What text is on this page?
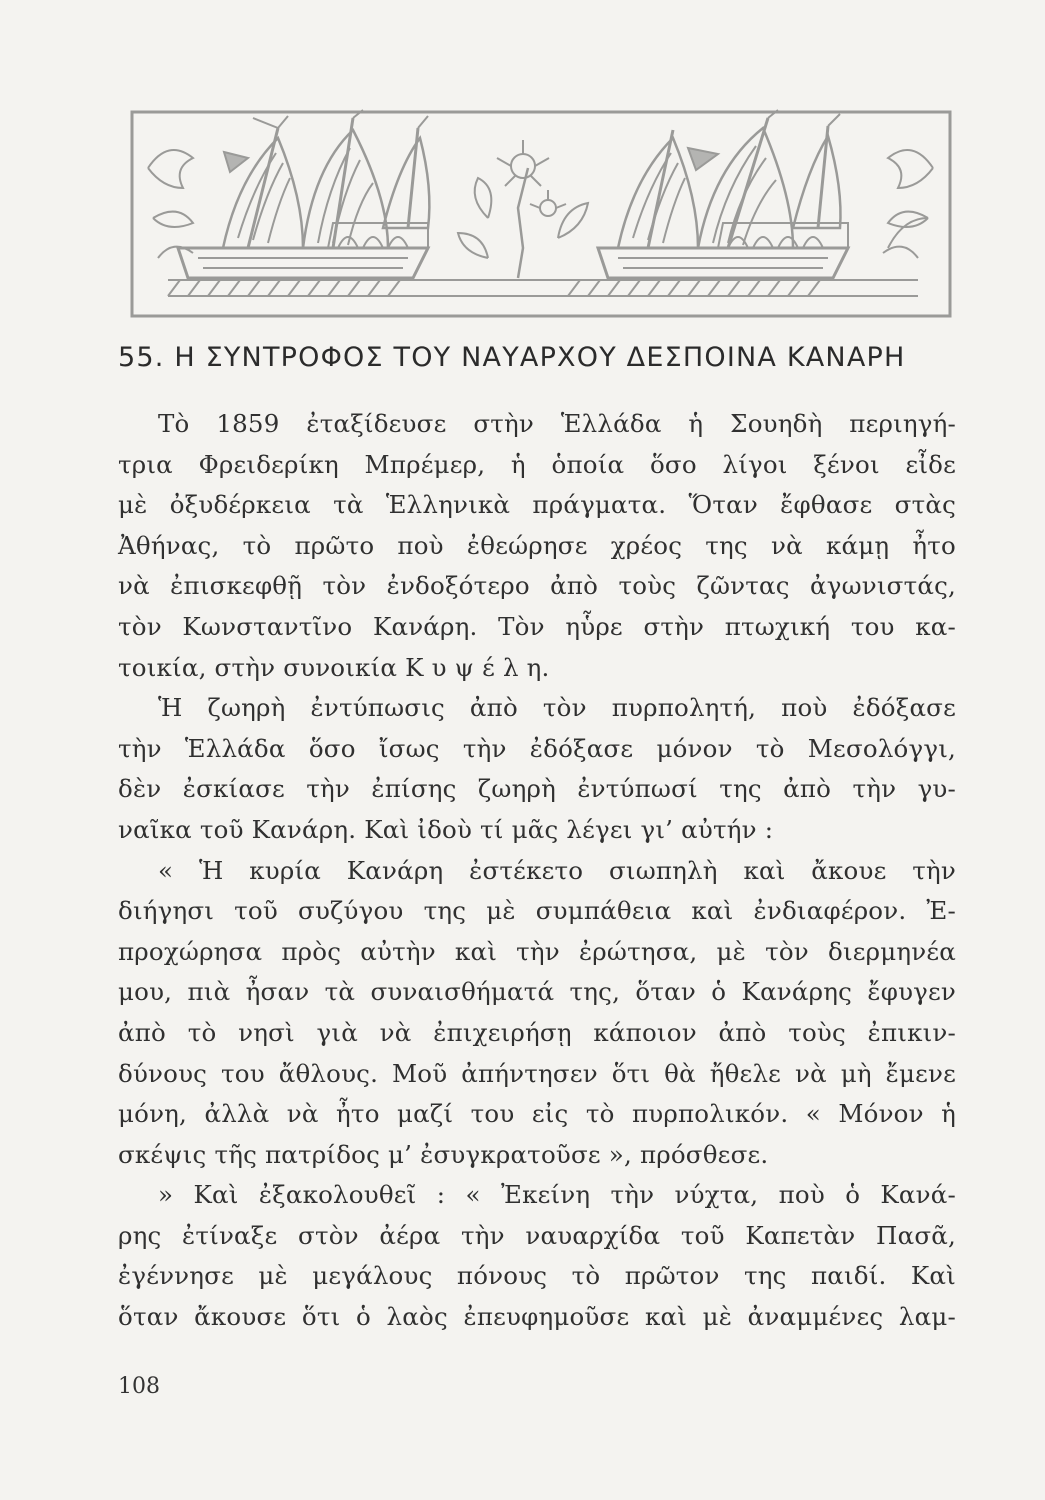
55. Η ΣΥΝΤΡΟΦΟΣ ΤΟΥ ΝΑΥΑΡΧΟΥ ΔΕΣΠΟΙΝΑ ΚΑΝΑΡΗ
Τὸ 1859 ἐταξίδευσε στὴν Ἑλλάδα ἡ Σουηδὴ περιηγή-
τρια Φρειδερίκη Μπρέμερ, ἡ ὁποία ὅσο λίγοι ξένοι εἶδε
μὲ ὀξυδέρκεια τὰ Ἑλληνικὰ πράγματα. Ὅταν ἔφθασε στὰς
Ἀθήνας, τὸ πρῶτο ποὺ ἐθεώρησε χρέος της νὰ κάμῃ ἦτο
νὰ ἐπισκεφθῇ τὸν ἐνδοξότερο ἀπὸ τοὺς ζῶντας ἀγωνιστάς,
τὸν Κωνσταντῖνο Κανάρη. Τὸν ηὗρε στὴν πτωχική του κα-
τοικία, στὴν συνοικία Κ υ ψ έ λ η.
Ἡ ζωηρὴ ἐντύπωσις ἀπὸ τὸν πυρπολητή, ποὺ ἐδόξασε
τὴν Ἑλλάδα ὅσο ἴσως τὴν ἐδόξασε μόνον τὸ Μεσολόγγι,
δὲν ἐσκίασε τὴν ἐπίσης ζωηρὴ ἐντύπωσί της ἀπὸ τὴν γυ-
ναῖκα τοῦ Κανάρη. Καὶ ἰδοὺ τί μᾶς λέγει γι’ αὐτήν :
« Ἡ κυρία Κανάρη ἐστέκετο σιωπηλὴ καὶ ἄκουε τὴν
διήγησι τοῦ συζύγου της μὲ συμπάθεια καὶ ἐνδιαφέρον. Ἐ-
προχώρησα πρὸς αὐτὴν καὶ τὴν ἐρώτησα, μὲ τὸν διερμηνέα
μου, πιὰ ἦσαν τὰ συναισθήματά της, ὅταν ὁ Κανάρης ἔφυγεν
ἀπὸ τὸ νησὶ γιὰ νὰ ἐπιχειρήσῃ κάποιον ἀπὸ τοὺς ἐπικιν-
δύνους του ἄθλους. Μοῦ ἀπήντησεν ὅτι θὰ ἤθελε νὰ μὴ ἔμενε
μόνη, ἀλλὰ νὰ ἦτο μαζί του εἰς τὸ πυρπολικόν. « Μόνον ἡ
σκέψις τῆς πατρίδος μ’ ἐσυγκρατοῦσε », πρόσθεσε.
» Καὶ ἐξακολουθεῖ : « Ἐκείνη τὴν νύχτα, ποὺ ὁ Κανά-
ρης ἐτίναξε στὸν ἀέρα τὴν ναυαρχίδα τοῦ Καπετὰν Πασᾶ,
ἐγέννησε μὲ μεγάλους πόνους τὸ πρῶτον της παιδί. Καὶ
ὅταν ἄκουσε ὅτι ὁ λαὸς ἐπευφημοῦσε καὶ μὲ ἀναμμένες λαμ-
108
